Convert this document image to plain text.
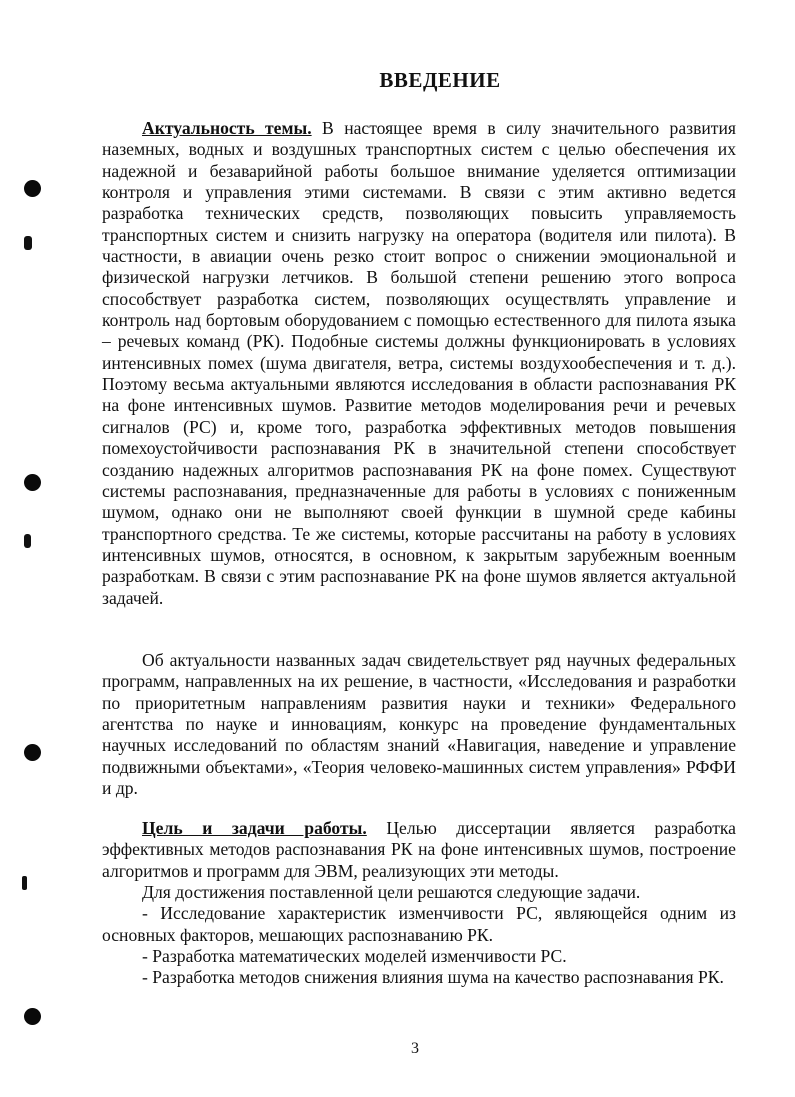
ВВЕДЕНИЕ

Актуальность темы. В настоящее время в силу значительного развития наземных, водных и воздушных транспортных систем с целью обеспечения их надежной и безаварийной работы большое внимание уделяется оптимизации контроля и управления этими системами. В связи с этим активно ведется разработка технических средств, позволяющих повысить управляемость транспортных систем и снизить нагрузку на оператора (водителя или пилота). В частности, в авиации очень резко стоит вопрос о снижении эмоциональной и физической нагрузки летчиков. В большой степени решению этого вопроса способствует разработка систем, позволяющих осуществлять управление и контроль над бортовым оборудованием с помощью естественного для пилота языка – речевых команд (РК). Подобные системы должны функционировать в условиях интенсивных помех (шума двигателя, ветра, системы воздухообеспечения и т. д.). Поэтому весьма актуальными являются исследования в области распознавания РК на фоне интенсивных шумов. Развитие методов моделирования речи и речевых сигналов (РС) и, кроме того, разработка эффективных методов повышения помехоустойчивости распознавания РК в значительной степени способствует созданию надежных алгоритмов распознавания РК на фоне помех. Существуют системы распознавания, предназначенные для работы в условиях с пониженным шумом, однако они не выполняют своей функции в шумной среде кабины транспортного средства. Те же системы, которые рассчитаны на работу в условиях интенсивных шумов, относятся, в основном, к закрытым зарубежным военным разработкам. В связи с этим распознавание РК на фоне шумов является актуальной задачей.

Об актуальности названных задач свидетельствует ряд научных федеральных программ, направленных на их решение, в частности, «Исследования и разработки по приоритетным направлениям развития науки и техники» Федерального агентства по науке и инновациям, конкурс на проведение фундаментальных научных исследований по областям знаний «Навигация, наведение и управление подвижными объектами», «Теория человеко-машинных систем управления» РФФИ и др.

Цель и задачи работы. Целью диссертации является разработка эффективных методов распознавания РК на фоне интенсивных шумов, построение алгоритмов и программ для ЭВМ, реализующих эти методы.

Для достижения поставленной цели решаются следующие задачи.

- Исследование характеристик изменчивости РС, являющейся одним из основных факторов, мешающих распознаванию РК.

- Разработка математических моделей изменчивости РС.

- Разработка методов снижения влияния шума на качество распознавания РК.

3
